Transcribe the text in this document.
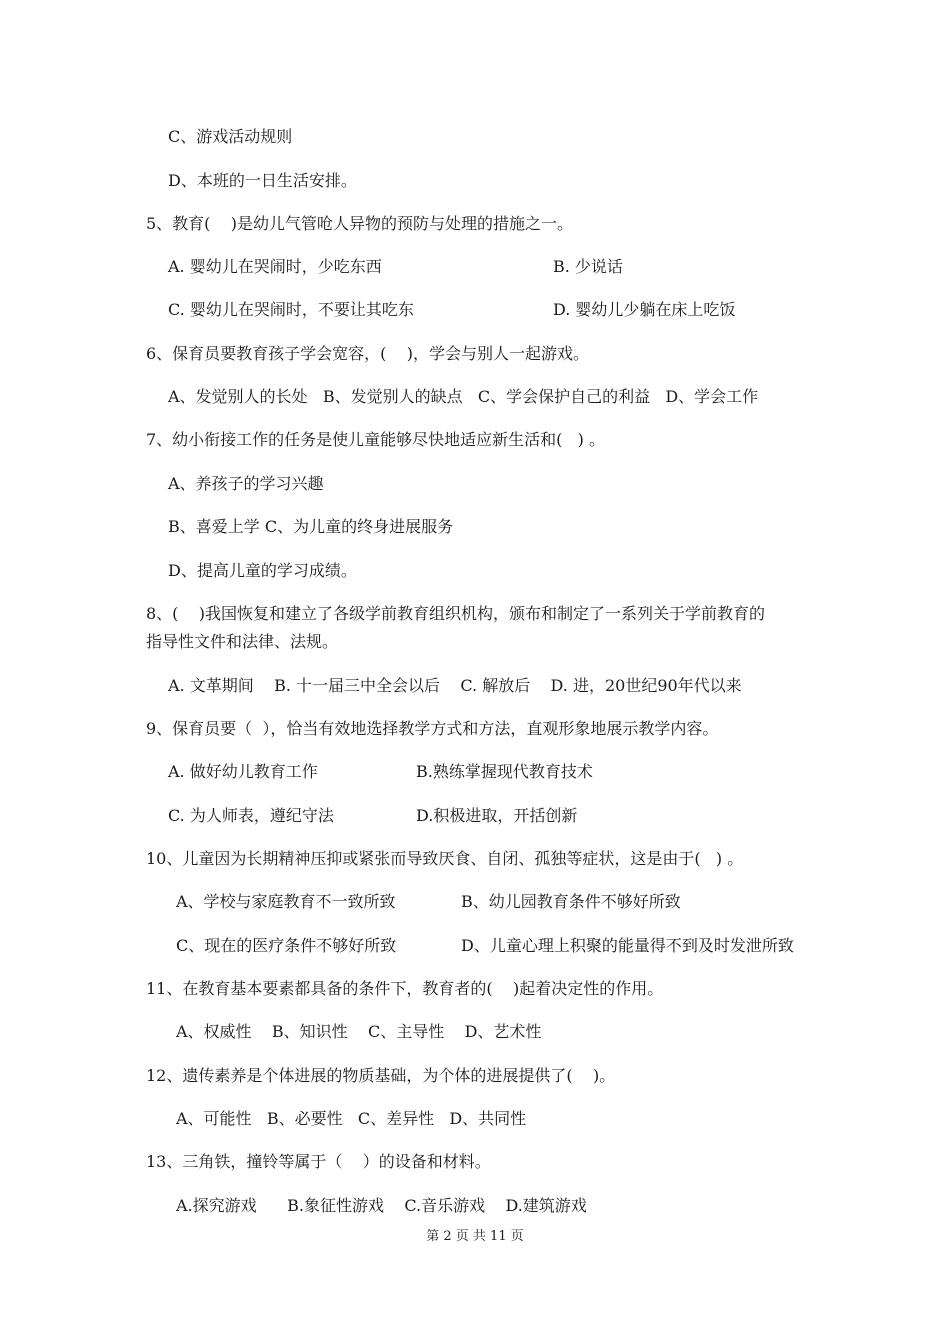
C、游戏活动规则
D、本班的一日生活安排。
5、教育(    )是幼儿气管呛人异物的预防与处理的措施之一。
A. 婴幼儿在哭闹时，少吃东西	B. 少说话
C. 婴幼儿在哭闹时，不要让其吃东	D. 婴幼儿少躺在床上吃饭
6、保育员要教育孩子学会宽容，(    )，学会与别人一起游戏。
A、发觉别人的长处   B、发觉别人的缺点   C、学会保护自己的利益   D、学会工作
7、幼小衔接工作的任务是使儿童能够尽快地适应新生活和(   ) 。
A、养孩子的学习兴趣
B、喜爱上学 C、为儿童的终身进展服务
D、提高儿童的学习成绩。
8、(    )我国恢复和建立了各级学前教育组织机构，颁布和制定了一系列关于学前教育的
指导性文件和法律、法规。
A. 文革期间    B. 十一届三中全会以后    C. 解放后    D. 进，20世纪90年代以来
9、保育员要（  ），恰当有效地选择教学方式和方法，直观形象地展示教学内容。
A. 做好幼儿教育工作	B.熟练掌握现代教育技术
C. 为人师表，遵纪守法	D.积极进取，开括创新
10、儿童因为长期精神压抑或紧张而导致厌食、自闭、孤独等症状，这是由于(   ) 。
A、学校与家庭教育不一致所致	B、幼儿园教育条件不够好所致
C、现在的医疗条件不够好所致	D、儿童心理上积聚的能量得不到及时发泄所致
11、在教育基本要素都具备的条件下，教育者的(    )起着决定性的作用。
A、权威性    B、知识性    C、主导性    D、艺术性
12、遗传素养是个体进展的物质基础，为个体的进展提供了(    )。
A、可能性   B、必要性   C、差异性   D、共同性
13、三角铁，撞铃等属于（    ）的设备和材料。
A.探究游戏      B.象征性游戏    C.音乐游戏    D.建筑游戏
第 2 页 共 11 页
